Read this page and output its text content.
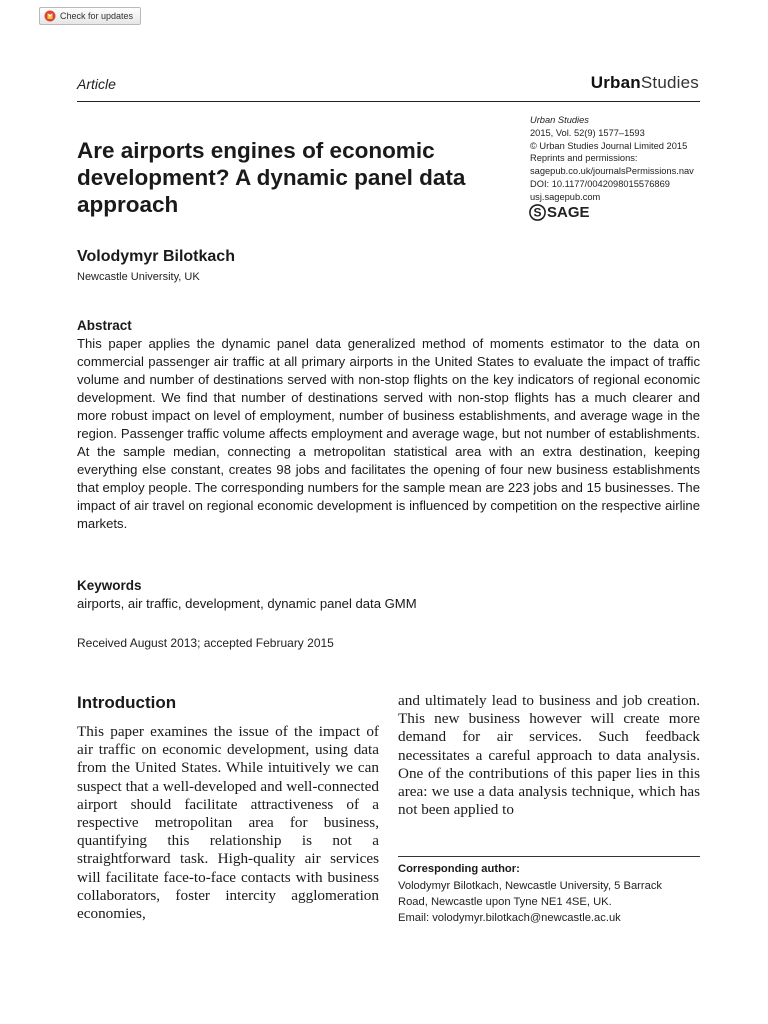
Check for updates
Article	UrbanStudies
Urban Studies
2015, Vol. 52(9) 1577–1593
© Urban Studies Journal Limited 2015
Reprints and permissions:
sagepub.co.uk/journalsPermissions.nav
DOI: 10.1177/0042098015576869
usj.sagepub.com
S SAGE
Are airports engines of economic development? A dynamic panel data approach
Volodymyr Bilotkach
Newcastle University, UK
Abstract
This paper applies the dynamic panel data generalized method of moments estimator to the data on commercial passenger air traffic at all primary airports in the United States to evaluate the impact of traffic volume and number of destinations served with non-stop flights on the key indicators of regional economic development. We find that number of destinations served with non-stop flights has a much clearer and more robust impact on level of employment, number of business establishments, and average wage in the region. Passenger traffic volume affects employment and average wage, but not number of establishments. At the sample median, connecting a metropolitan statistical area with an extra destination, keeping everything else constant, creates 98 jobs and facilitates the opening of four new business establishments that employ people. The corresponding numbers for the sample mean are 223 jobs and 15 businesses. The impact of air travel on regional economic development is influenced by competition on the respective airline markets.
Keywords
airports, air traffic, development, dynamic panel data GMM
Received August 2013; accepted February 2015
Introduction
This paper examines the issue of the impact of air traffic on economic development, using data from the United States. While intuitively we can suspect that a well-developed and well-connected airport should facilitate attractiveness of a respective metropolitan area for business, quantifying this relationship is not a straightforward task. High-quality air services will facilitate face-to-face contacts with business collaborators, foster intercity agglomeration economies,
and ultimately lead to business and job creation. This new business however will create more demand for air services. Such feedback necessitates a careful approach to data analysis. One of the contributions of this paper lies in this area: we use a data analysis technique, which has not been applied to
Corresponding author:
Volodymyr Bilotkach, Newcastle University, 5 Barrack
Road, Newcastle upon Tyne NE1 4SE, UK.
Email: volodymyr.bilotkach@newcastle.ac.uk
